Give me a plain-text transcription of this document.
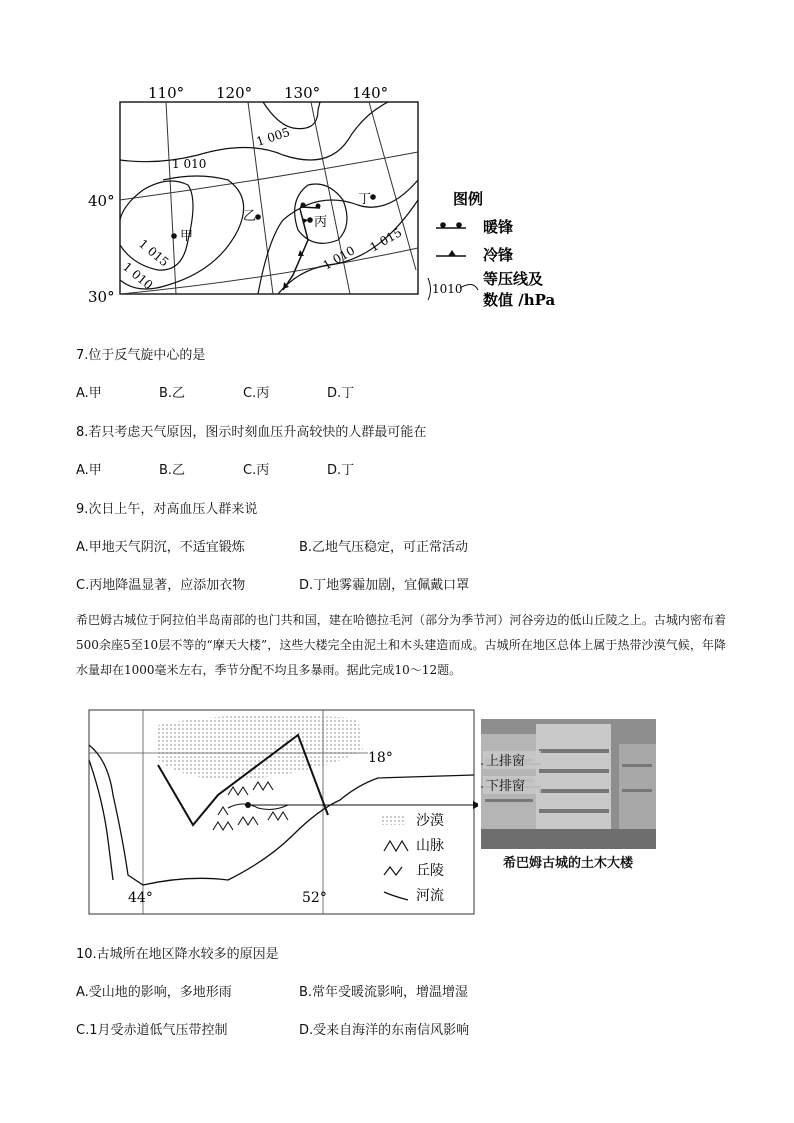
甲
乙	丙
丁
1 005
1 010
1 015
1 010
1 015
1 010
110° 120° 130° 140°
40°
30°
图例
暖锋
冷锋
1010
等压线及
数值 /hPa
7.位于反气旋中心的是
A.甲	B.乙	C.丙	D.丁
8.若只考虑天气原因，图示时刻血压升高较快的人群最可能在
A.甲	B.乙	C.丙	D.丁
9.次日上午，对高血压人群来说
A.甲地天气阴沉，不适宜锻炼	B.乙地气压稳定，可正常活动
C.丙地降温显著，应添加衣物	D.丁地雾霾加剧，宜佩戴口罩
希巴姆古城位于阿拉伯半岛南部的也门共和国，建在哈德拉毛河（部分为季节河）河谷旁边的低山丘陵之上。古城内密布着500余座5至10层不等的“摩天大楼”，这些大楼完全由泥土和木头建造而成。古城所在地区总体上属于热带沙漠气候，年降水量却在1000毫米左右，季节分配不均且多暴雨。据此完成10～12题。
18°
44°	52°
沙漠
山脉
丘陵
河流
上排窗
下排窗
希巴姆古城的土木大楼
10.古城所在地区降水较多的原因是
A.受山地的影响，多地形雨	B.常年受暖流影响，增温增湿
C.1月受赤道低气压带控制	D.受来自海洋的东南信风影响
